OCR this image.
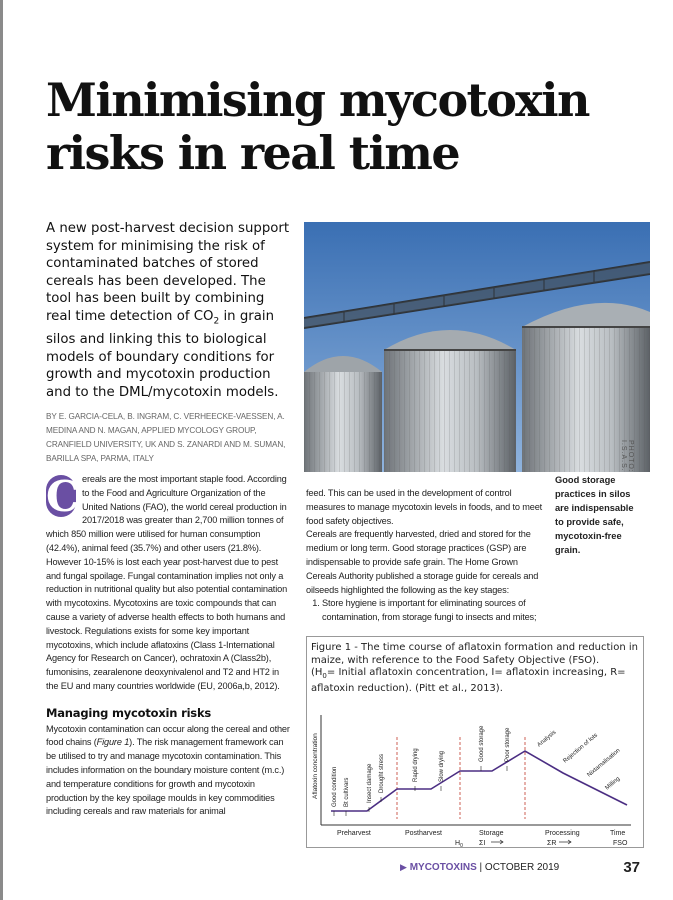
Minimising mycotoxin
risks in real time
A new post-harvest decision support system for minimising the risk of contaminated batches of stored cereals has been developed. The tool has been built by combining real time detection of $CO_2$ in grain silos and linking this to biological models of boundary conditions for growth and mycotoxin production and to the DML/mycotoxin models.
PHOTO: I.S.A.S.
BY E. GARCIA-CELA, B. INGRAM, C. VERHEECKE-VAESSEN, A. MEDINA AND N. MAGAN, APPLIED MYCOLOGY GROUP, CRANFIELD UNIVERSITY, UK AND S. ZANARDI AND M. SUMAN, BARILLA SPA, PARMA, ITALY
C ereals are the most important staple food. According to the Food and Agriculture Organization of the United Nations (FAO), the world cereal production in 2017/2018 was greater than 2,700 million tonnes of which 850 million were utilised for human consumption (42.4%), animal feed (35.7%) and other users (21.8%). However 10-15% is lost each year post-harvest due to pest and fungal spoilage. Fungal contamination implies not only a reduction in nutritional quality but also potential contamination with mycotoxins. Mycotoxins are toxic compounds that can cause a variety of adverse health effects to both humans and livestock. Regulations exists for some key important mycotoxins, which include aflatoxins (Class 1-International Agency for Research on Cancer), ochratoxin A (Class2b), fumonisins, zearalenone deoxynivalenol and T2 and HT2 in the EU and many countries worldwide (EU, 2006a,b, 2012).

Managing mycotoxin risks

Mycotoxin contamination can occur along the cereal and other food chains (Figure 1). The risk management framework can be utilised to try and manage mycotoxin contamination. This includes information on the boundary moisture content (m.c.) and temperature conditions for growth and mycotoxin production by the key spoilage moulds in key commodities including cereals and raw materials for animal

feed. This can be used in the development of control measures to manage mycotoxin levels in foods, and to meet food safety objectives.

Cereals are frequently harvested, dried and stored for the medium or long term. Good storage practices (GSP) are indispensable to provide safe grain. The Home Grown Cereals Authority published a storage guide for cereals and oilseeds highlighted the following as the key stages:

1. Store hygiene is important for eliminating sources of contamination, from storage fungi to insects and mites;
Good storage practices in silos are indispensable to provide safe, mycotoxin-free grain.
Figure 1 - The time course of aflatoxin formation and reduction in maize, with reference to the Food Safety Objective (FSO).
($H_0=$ Initial aflatoxin concentration, I= aflatoxin increasing, R= aflatoxin reduction). (Pitt et al., 2013).
Aflatoxin concentration Good condition Bt cultivars	Insect damage Drought stress	Rapid drying	Slow drying
Good storage	Poor storage	Analysis Rejection of lots
Nixtamalisation
Milling
Preharvest	Postharvest	Storage	Processing	Time
$H_0$ ΣI	ΣR	FSO
▶ MYCOTOXINS | OCTOBER 2019	37
